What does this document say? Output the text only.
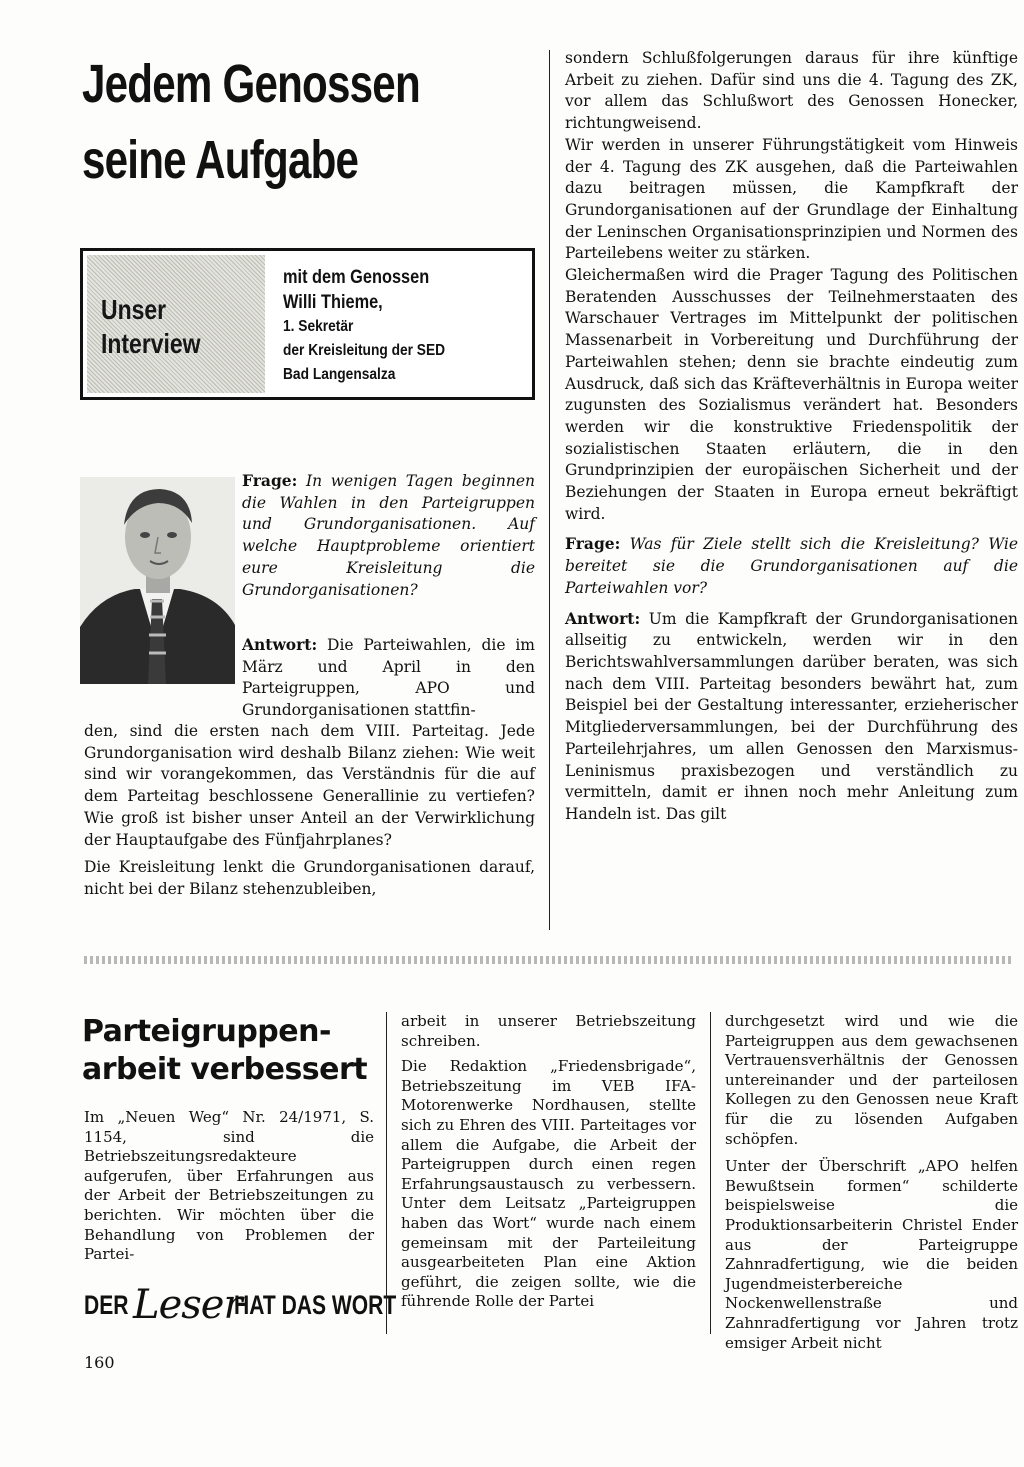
Jedem Genossen
seine Aufgabe
Unser
Interview
mit dem Genossen
Willi Thieme,
1. Sekretär
der Kreisleitung der SED
Bad Langensalza

Frage: In wenigen Tagen beginnen die Wahlen in den Parteigruppen und Grundorganisationen. Auf welche Hauptprobleme orientiert eure Kreisleitung die Grundorganisationen?

Antwort: Die Parteiwahlen, die im März und April in den Parteigruppen, APO und Grundorganisationen stattfin-

den, sind die ersten nach dem VIII. Parteitag. Jede Grundorganisation wird deshalb Bilanz ziehen: Wie weit sind wir vorangekommen, das Verständnis für die auf dem Parteitag beschlossene Generallinie zu vertiefen? Wie groß ist bisher unser Anteil an der Verwirklichung der Hauptaufgabe des Fünfjahrplanes?

Die Kreisleitung lenkt die Grundorganisationen darauf, nicht bei der Bilanz stehenzubleiben,

sondern Schlußfolgerungen daraus für ihre künftige Arbeit zu ziehen. Dafür sind uns die 4. Tagung des ZK, vor allem das Schlußwort des Genossen Honecker, richtungweisend.

Wir werden in unserer Führungstätigkeit vom Hinweis der 4. Tagung des ZK ausgehen, daß die Parteiwahlen dazu beitragen müssen, die Kampfkraft der Grundorganisationen auf der Grundlage der Einhaltung der Leninschen Organisationsprinzipien und Normen des Parteilebens weiter zu stärken.

Gleichermaßen wird die Prager Tagung des Politischen Beratenden Ausschusses der Teilnehmerstaaten des Warschauer Vertrages im Mittelpunkt der politischen Massenarbeit in Vorbereitung und Durchführung der Parteiwahlen stehen; denn sie brachte eindeutig zum Ausdruck, daß sich das Kräfteverhältnis in Europa weiter zugunsten des Sozialismus verändert hat. Besonders werden wir die konstruktive Friedenspolitik der sozialistischen Staaten erläutern, die in den Grundprinzipien der europäischen Sicherheit und der Beziehungen der Staaten in Europa erneut bekräftigt wird.

Frage: Was für Ziele stellt sich die Kreisleitung? Wie bereitet sie die Grundorganisationen auf die Parteiwahlen vor?

Antwort: Um die Kampfkraft der Grundorganisationen allseitig zu entwickeln, werden wir in den Berichtswahlversammlungen darüber beraten, was sich nach dem VIII. Parteitag besonders bewährt hat, zum Beispiel bei der Gestaltung interessanter, erzieherischer Mitgliederversammlungen, bei der Durchführung des Parteilehrjahres, um allen Genossen den Marxismus-Leninismus praxisbezogen und verständlich zu vermitteln, damit er ihnen noch mehr Anleitung zum Handeln ist. Das gilt

Parteigruppen-
arbeit verbessert

Im „Neuen Weg“ Nr. 24/1971, S. 1154, sind die Betriebszeitungsredakteure aufgerufen, über Erfahrungen aus der Arbeit der Betriebszeitungen zu berichten. Wir möchten über die Behandlung von Problemen der Partei-

DER Leser
HAT DAS WORT

arbeit in unserer Betriebszeitung schreiben.

Die Redaktion „Friedensbrigade“, Betriebszeitung im VEB IFA-Motorenwerke Nordhausen, stellte sich zu Ehren des VIII. Parteitages vor allem die Aufgabe, die Arbeit der Parteigruppen durch einen regen Erfahrungsaustausch zu verbessern. Unter dem Leitsatz „Parteigruppen haben das Wort“ wurde nach einem gemeinsam mit der Parteileitung ausgearbeiteten Plan eine Aktion geführt, die zeigen sollte, wie die führende Rolle der Partei

durchgesetzt wird und wie die Parteigruppen aus dem gewachsenen Vertrauensverhältnis der Genossen untereinander und der parteilosen Kollegen zu den Genossen neue Kraft für die zu lösenden Aufgaben schöpfen.

Unter der Überschrift „APO helfen Bewußtsein formen“ schilderte beispielsweise die Produktionsarbeiterin Christel Ender aus der Parteigruppe Zahnradfertigung, wie die beiden Jugendmeisterbereiche Nockenwellenstraße und Zahnradfertigung vor Jahren trotz emsiger Arbeit nicht

160
